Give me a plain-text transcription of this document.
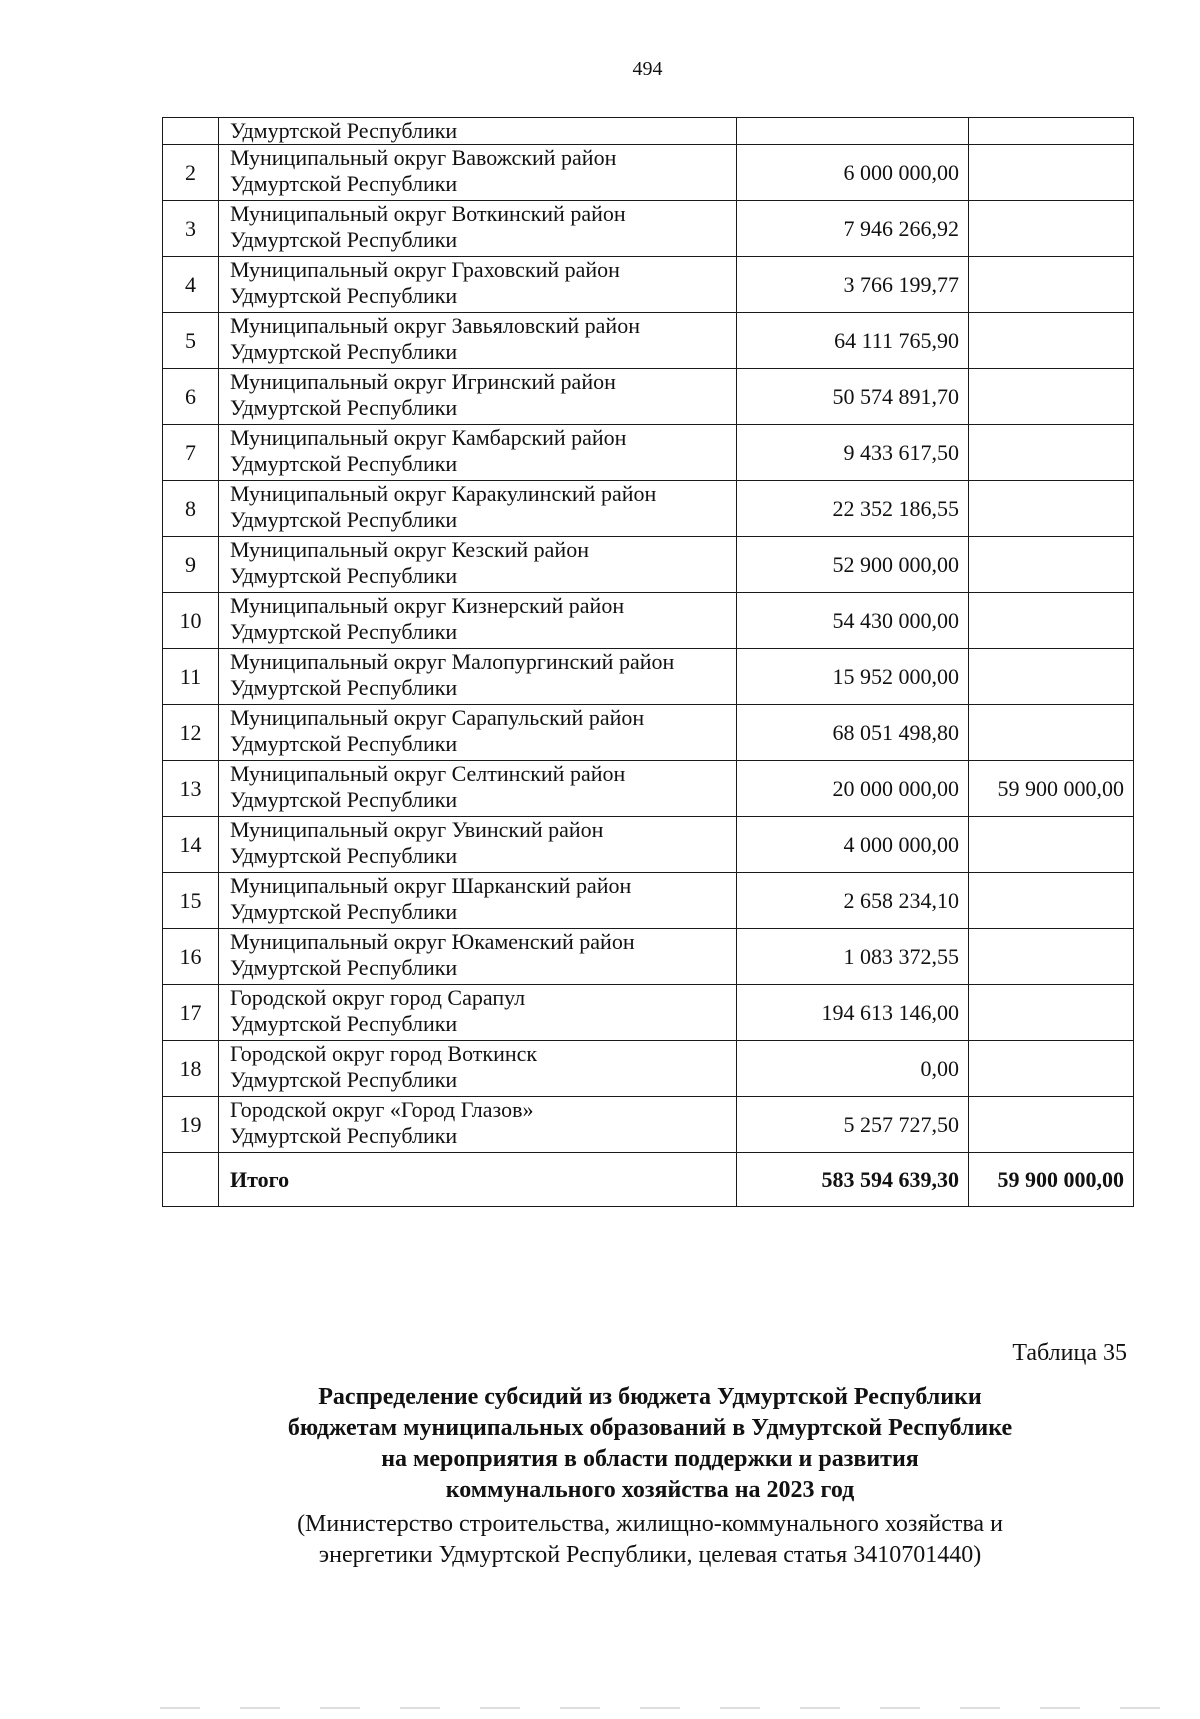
494

	Удмуртской Республики		

2	Муниципальный округ Вавожский район
Удмуртской Республики	6 000 000,00	
3	Муниципальный округ Воткинский район
Удмуртской Республики	7 946 266,92	
4	Муниципальный округ Граховский район
Удмуртской Республики	3 766 199,77	
5	Муниципальный округ Завьяловский район
Удмуртской Республики	64 111 765,90	
6	Муниципальный округ Игринский район
Удмуртской Республики	50 574 891,70	
7	Муниципальный округ Камбарский район
Удмуртской Республики	9 433 617,50	
8	Муниципальный округ Каракулинский район
Удмуртской Республики	22 352 186,55	
9	Муниципальный округ Кезский район
Удмуртской Республики	52 900 000,00	
10	Муниципальный округ Кизнерский район
Удмуртской Республики	54 430 000,00	
11	Муниципальный округ Малопургинский район
Удмуртской Республики	15 952 000,00	
12	Муниципальный округ Сарапульский район
Удмуртской Республики	68 051 498,80	
13	Муниципальный округ Селтинский район
Удмуртской Республики	20 000 000,00	59 900 000,00
14	Муниципальный округ Увинский район
Удмуртской Республики	4 000 000,00	
15	Муниципальный округ Шарканский район
Удмуртской Республики	2 658 234,10	
16	Муниципальный округ Юкаменский район
Удмуртской Республики	1 083 372,55	
17	Городской округ город Сарапул
Удмуртской Республики	194 613 146,00	
18	Городской округ город Воткинск
Удмуртской Республики	0,00	
19	Городской округ «Город Глазов»
Удмуртской Республики	5 257 727,50	
	Итого	583 594 639,30	59 900 000,00
Таблица 35
Распределение субсидий из бюджета Удмуртской Республики
бюджетам муниципальных образований в Удмуртской Республике
на мероприятия в области поддержки и развития
коммунального хозяйства на 2023 год
(Министерство строительства, жилищно-коммунального хозяйства и
энергетики Удмуртской Республики, целевая статья 3410701440)
